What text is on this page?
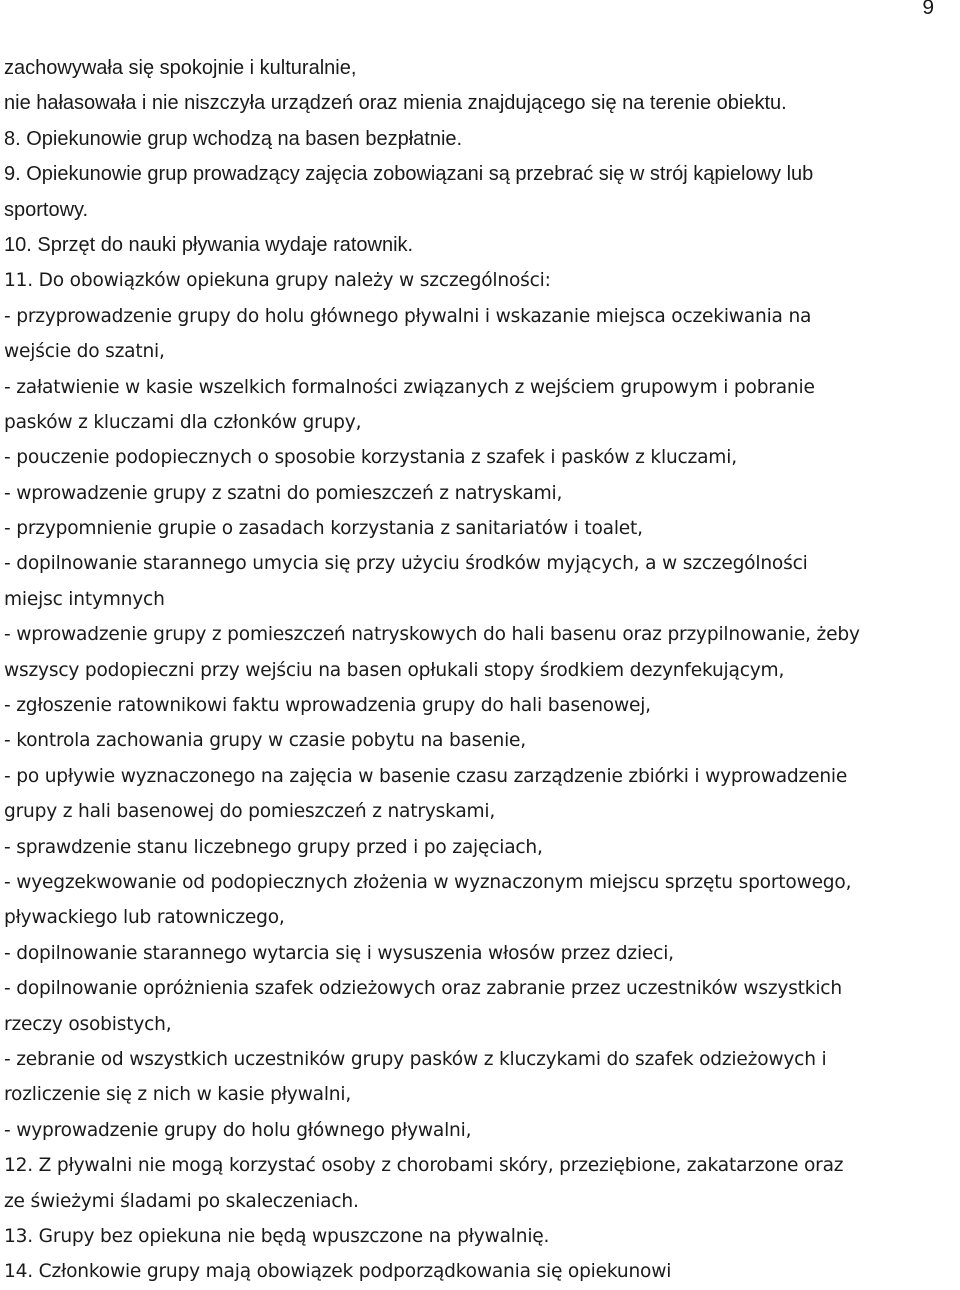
9
zachowywała się spokojnie i kulturalnie,
nie hałasowała i nie niszczyła urządzeń oraz mienia znajdującego się na terenie obiektu.
8. Opiekunowie grup wchodzą na basen bezpłatnie.
9. Opiekunowie grup prowadzący zajęcia zobowiązani są przebrać się w strój kąpielowy lub
sportowy.
10. Sprzęt do nauki pływania wydaje ratownik.
11. Do obowiązków opiekuna grupy należy w szczególności:
- przyprowadzenie grupy do holu głównego pływalni i wskazanie miejsca oczekiwania na
wejście do szatni,
- załatwienie w kasie wszelkich formalności związanych z wejściem grupowym i pobranie
pasków z kluczami dla członków grupy,
- pouczenie podopiecznych o sposobie korzystania z szafek i pasków z kluczami,
- wprowadzenie grupy z szatni do pomieszczeń z natryskami,
- przypomnienie grupie o zasadach korzystania z sanitariatów i toalet,
- dopilnowanie starannego umycia się przy użyciu środków myjących, a w szczególności
miejsc intymnych
- wprowadzenie grupy z pomieszczeń natryskowych do hali basenu oraz przypilnowanie, żeby
wszyscy podopieczni przy wejściu na basen opłukali stopy środkiem dezynfekującym,
- zgłoszenie ratownikowi faktu wprowadzenia grupy do hali basenowej,
- kontrola zachowania grupy w czasie pobytu na basenie,
- po upływie wyznaczonego na zajęcia w basenie czasu zarządzenie zbiórki i wyprowadzenie
grupy z hali basenowej do pomieszczeń z natryskami,
- sprawdzenie stanu liczebnego grupy przed i po zajęciach,
- wyegzekwowanie od podopiecznych złożenia w wyznaczonym miejscu sprzętu sportowego,
pływackiego lub ratowniczego,
- dopilnowanie starannego wytarcia się i wysuszenia włosów przez dzieci,
- dopilnowanie opróżnienia szafek odzieżowych oraz zabranie przez uczestników wszystkich
rzeczy osobistych,
- zebranie od wszystkich uczestników grupy pasków z kluczykami do szafek odzieżowych i
rozliczenie się z nich w kasie pływalni,
- wyprowadzenie grupy do holu głównego pływalni,
12. Z pływalni nie mogą korzystać osoby z chorobami skóry, przeziębione, zakatarzone oraz
ze świeżymi śladami po skaleczeniach.
13. Grupy bez opiekuna nie będą wpuszczone na pływalnię.
14. Członkowie grupy mają obowiązek podporządkowania się opiekunowi
